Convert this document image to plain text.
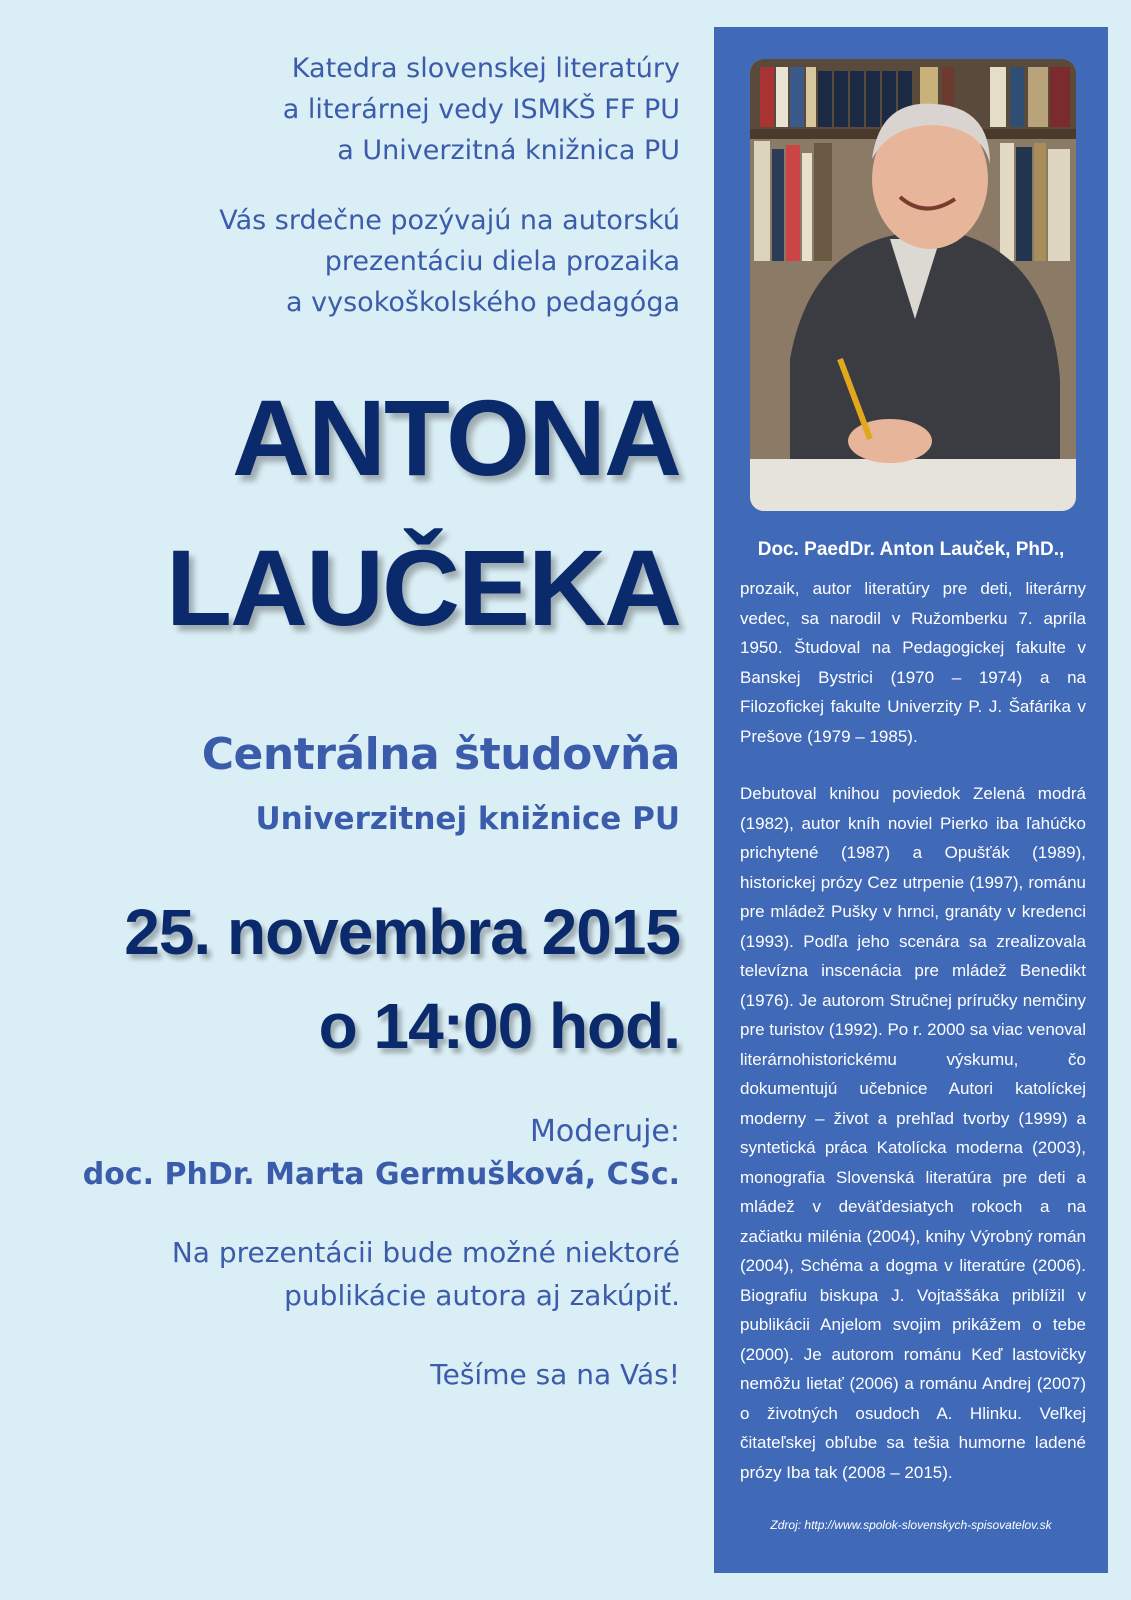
Katedra slovenskej literatúry
a literárnej vedy ISMKŠ FF PU
a Univerzitná knižnica PU

Vás srdečne pozývajú na autorskú
prezentáciu diela prozaika
a vysokoškolského pedagóga

ANTONA
LAUČEKA
Centrálna študovňa
Univerzitnej knižnice PU
25. novembra 2015
o 14:00 hod.
Moderuje:
doc. PhDr. Marta Germušková, CSc.
Na prezentácii bude možné niektoré
publikácie autora aj zakúpiť.
Tešíme sa na Vás!
Doc. PaedDr. Anton Lauček, PhD.,
prozaik, autor literatúry pre deti, literárny vedec, sa narodil v Ružomberku 7. apríla 1950. Študoval na Pedagogickej fakulte v Banskej Bystrici (1970 – 1974) a na Filozofickej fakulte Univerzity P. J. Šafárika v Prešove (1979 – 1985).
Debutoval knihou poviedok Zelená modrá (1982), autor kníh noviel Pierko iba ľahúčko prichytené (1987) a Opušťák (1989), historickej prózy Cez utrpenie (1997), románu pre mládež Pušky v hrnci, granáty v kredenci (1993). Podľa jeho scenára sa zrealizovala televízna inscenácia pre mládež Benedikt (1976). Je autorom Stručnej príručky nemčiny pre turistov (1992). Po r. 2000 sa viac venoval literárnohistorickému výskumu, čo dokumentujú učebnice Autori katolíckej moderny – život a prehľad tvorby (1999) a syntetická práca Katolícka moderna (2003), monografia Slovenská literatúra pre deti a mládež v deväťdesiatych rokoch a na začiatku milénia (2004), knihy Výrobný román (2004), Schéma a dogma v literatúre (2006). Biografiu biskupa J. Vojtaššáka priblížil v publikácii Anjelom svojim prikážem o tebe (2000). Je autorom románu Keď lastovičky nemôžu lietať (2006) a románu Andrej (2007) o životných osudoch A. Hlinku. Veľkej čitateľskej obľube sa tešia humorne ladené prózy Iba tak (2008 – 2015).
Zdroj: http://www.spolok-slovenskych-spisovatelov.sk
